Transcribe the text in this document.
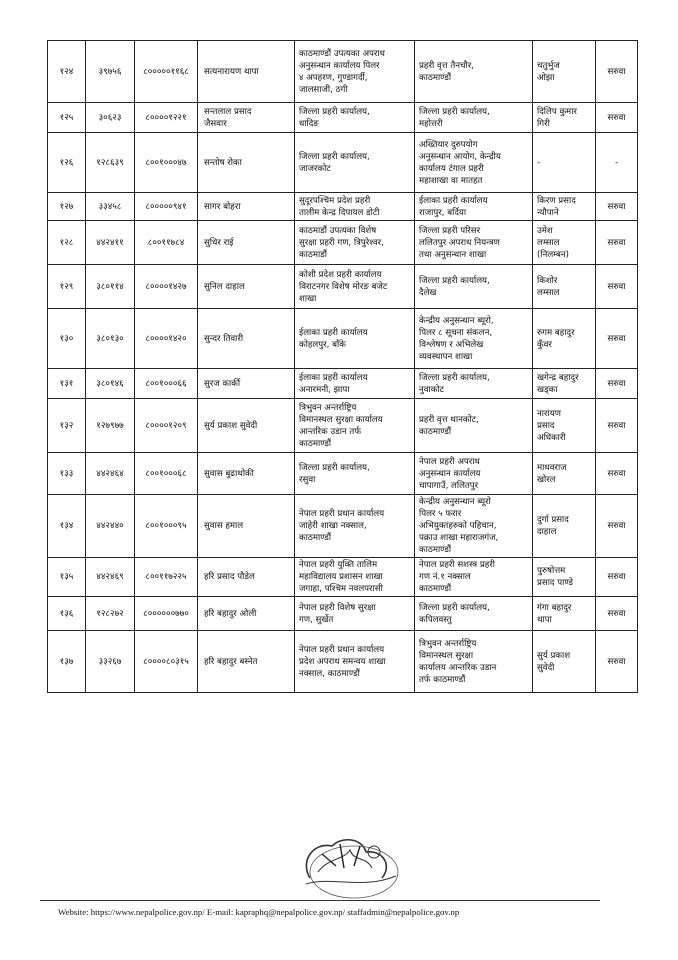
१२४	३९७५६	८०००००११६८	सत्यनारायण थापा	काठमाण्डौं उपत्यका अपराध
अनुसन्धान कार्यालय पिलर
४ अपहरण, गुण्डागर्दी,
जालसाजी, ठगी	प्रहरी वृत्त तैनचौर,
काठमाण्डौं	चतुर्भुज
ओझा	सरुवा
१२५	३०६२३	८००००१२२१	सन्तलाल प्रसाद
जैसवार	जिल्ला प्रहरी कार्यालय,
धादिङ	जिल्ला प्रहरी कार्यालय,
महोत्तरी	दिलिप कुमार
गिरी	सरुवा
१२६	१२८६३९	८००१०००४७	सन्तोष रोका	जिल्ला प्रहरी कार्यालय,
जाजरकोट	अख्तियार दुरुपयोग
अनुसन्धान आयोग, केन्द्रीय
कार्यालय टंगाल प्रहरी
महाशाखा वा मातहत	-	-
१२७	३३४५८	८०००००९४१	सागर बोहरा	सुदूरपश्चिम प्रदेश प्रहरी
तालीम केन्द्र दिपायल डोटी	ईलाका प्रहरी कार्यालय
राजापुर, बर्दिया	किरण प्रसाद
न्यौपाने	सरुवा
१२८	४४२४११	८००११७८४	सुधिर राई	काठमाडौं उपत्यका विशेष
सुरक्षा प्रहरी गण, त्रिपुरेश्वर,
काठमाडौं	जिल्ला प्रहरी परिसर
ललितपुर अपराध नियन्त्रण
तथा अनुसन्धान शाखा	उमेश
लम्साल
(निलम्बन)	सरुवा
१२९	३८०११४	८००००१४२७	सुनिल दाहाल	कोशी प्रदेश प्रहरी कार्यालय
विराटनगर विशेष मोरङ बजेट
शाखा	जिल्ला प्रहरी कार्यालय,
दैलेख	किशोर
लम्साल	सरुवा
१३०	३८०१३०	८००००१४२०	सुन्दर तिवारी	ईलाका प्रहरी कार्यालय
कोहलपुर, बाँके	केन्द्रीय अनुसन्धान ब्यूरो,
पिलर ८ सूचना संकलन,
विश्लेषण र अभिलेख
व्यवस्थापन शाखा	रुगम बहादुर
कुँवर	सरुवा
१३१	३८०१४६	८००१०००६६	सुरज कार्की	ईलाका प्रहरी कार्यालय
अनारमनी, झापा	जिल्ला प्रहरी कार्यालय,
नुवाकोट	खगेन्द्र बहादुर
खड्का	सरुवा
१३२	१२७९७७	८००००१२०९	सुर्य प्रकाश सुवेदी	त्रिभुवन अन्तर्राष्ट्रिय
विमानस्थल सुरक्षा कार्यालय
आन्तरिक उडान तर्फ
काठमाण्डौं	प्रहरी वृत्त थानकोट,
काठमाण्डौं	नारायण
प्रसाद
अधिकारी	सरुवा
१३३	४४२४६४	८००१०००६८	सुवास बुढाथोकी	जिल्ला प्रहरी कार्यालय,
रसुवा	नेपाल प्रहरी अपराध
अनुसन्धान कार्यालय
चापागाउँ, ललितपुर	माधवराज
खोरल	सरुवा
१३४	४४२४४०	८००१०००९५	सुवास हमाल	नेपाल प्रहरी प्रधान कार्यालय
जाहेरी शाखा नक्साल,
काठमाण्डौं	केन्द्रीय अनुसन्धान ब्यूरो
पिलर ५ फरार
अभियुक्तहरुको पहिचान,
पक्राउ शाखा महाराजगंज,
काठमाण्डौं	दुर्गा प्रसाद
दाहाल	सरुवा
१३५	४४२४६९	८००११७२२५	हरि प्रसाद पौडेल	नेपाल प्रहरी युक्ति तालिम
महाविद्यालय प्रशासन शाखा
जगाहा, पश्चिम नवलपरासी	नेपाल प्रहरी सशस्त्र प्रहरी
गण नं.१ नक्साल
काठमाण्डौं	पुरुषोत्तम
प्रसाद पाण्डे	सरुवा
१३६	१२८२७२	८००००००७७०	हरि बहादुर ओली	नेपाल प्रहरी विशेष सुरक्षा
गण, सुर्खेत	जिल्ला प्रहरी कार्यालय,
कपिलवस्तु	गंगा बहादुर
थापा	सरुवा
१३७	३३२६७	८००००८०३१५	हरि बहादुर बस्नेत	नेपाल प्रहरी प्रधान कार्यालय
प्रदेश अपराध समन्वय शाखा
नक्साल, काठमाण्डौं	त्रिभुवन अन्तर्राष्ट्रिय
विमानस्थल सुरक्षा
कार्यालय आन्तरिक उडान
तर्फ काठमाण्डौं	सुर्य प्रकाश
सुवेदी	सरुवा
Website: https://www.nepalpolice.gov.np/ E-mail: kapraphq@nepalpolice.gov.np/ staffadmin@nepalpolice.gov.np
